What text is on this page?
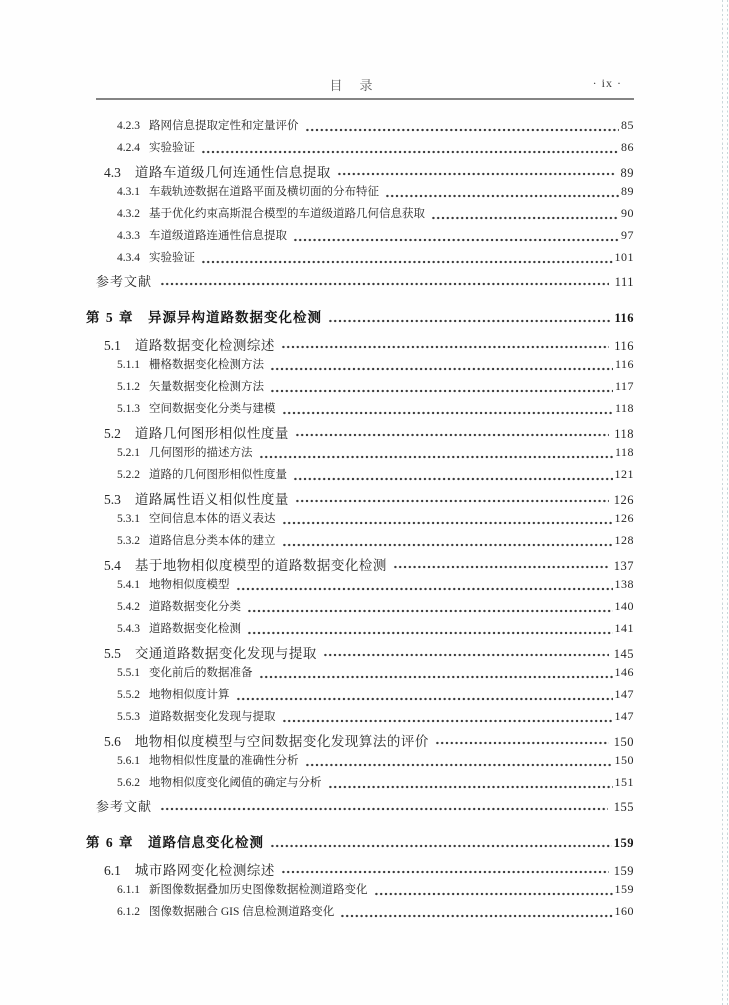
目　录	· ix ·
4.2.3 路网信息提取定性和定量评价	85
4.2.4 实验验证	86
4.3 道路车道级几何连通性信息提取	89
4.3.1 车载轨迹数据在道路平面及横切面的分布特征	89
4.3.2 基于优化约束高斯混合模型的车道级道路几何信息获取	90
4.3.3 车道级道路连通性信息提取	97
4.3.4 实验验证	101
参考文献	111
第 5 章 异源异构道路数据变化检测	116
5.1 道路数据变化检测综述	116
5.1.1 栅格数据变化检测方法	116
5.1.2 矢量数据变化检测方法	117
5.1.3 空间数据变化分类与建模	118
5.2 道路几何图形相似性度量	118
5.2.1 几何图形的描述方法	118
5.2.2 道路的几何图形相似性度量	121
5.3 道路属性语义相似性度量	126
5.3.1 空间信息本体的语义表达	126
5.3.2 道路信息分类本体的建立	128
5.4 基于地物相似度模型的道路数据变化检测	137
5.4.1 地物相似度模型	138
5.4.2 道路数据变化分类	140
5.4.3 道路数据变化检测	141
5.5 交通道路数据变化发现与提取	145
5.5.1 变化前后的数据准备	146
5.5.2 地物相似度计算	147
5.5.3 道路数据变化发现与提取	147
5.6 地物相似度模型与空间数据变化发现算法的评价	150
5.6.1 地物相似性度量的准确性分析	150
5.6.2 地物相似度变化阈值的确定与分析	151
参考文献	155
第 6 章 道路信息变化检测	159
6.1 城市路网变化检测综述	159
6.1.1 新图像数据叠加历史图像数据检测道路变化	159
6.1.2 图像数据融合 GIS 信息检测道路变化	160
